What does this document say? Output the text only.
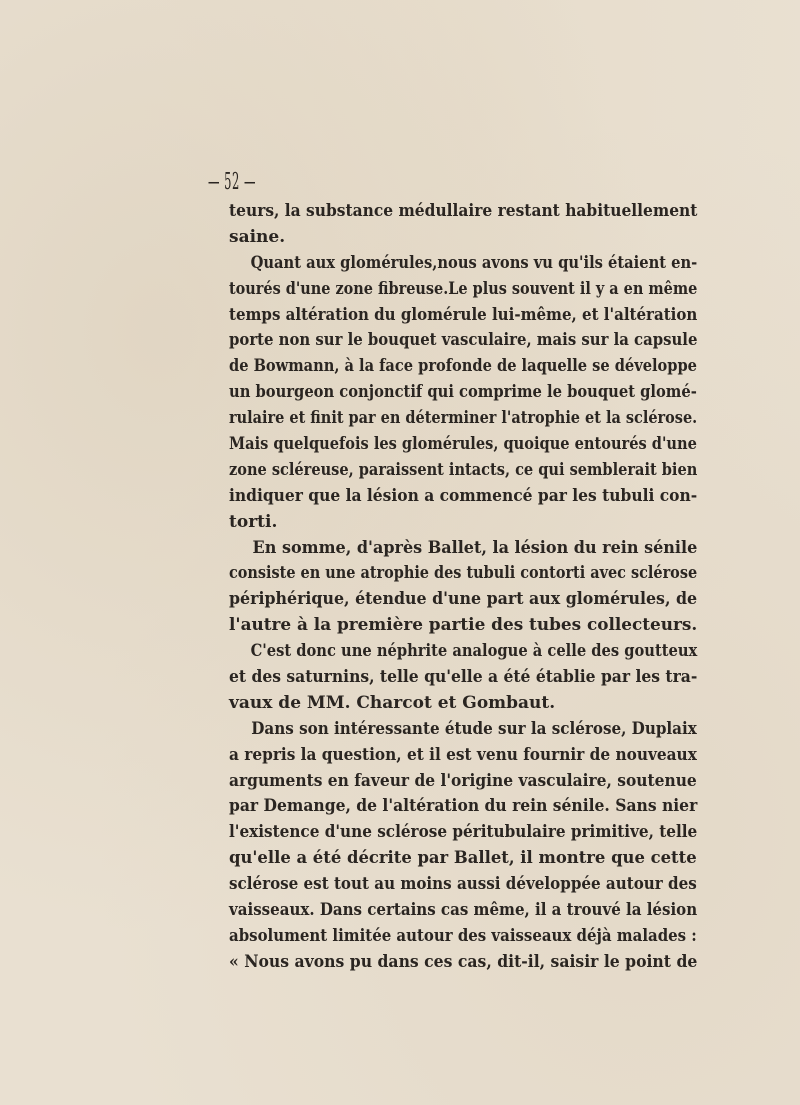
— 52 —
teurs, la substance médullaire restant habituellement
saine.
Quant aux glomérules,nous avons vu qu'ils étaient en-
tourés d'une zone fibreuse.Le plus souvent il y a en même
temps altération du glomérule lui-même, et l'altération
porte non sur le bouquet vasculaire, mais sur la capsule
de Bowmann, à la face profonde de laquelle se développe
un bourgeon conjonctif qui comprime le bouquet glomé-
rulaire et finit par en déterminer l'atrophie et la sclérose.
Mais quelquefois les glomérules, quoique entourés d'une
zone scléreuse, paraissent intacts, ce qui semblerait bien
indiquer que la lésion a commencé par les tubuli con-
torti.
En somme, d'après Ballet, la lésion du rein sénile
consiste en une atrophie des tubuli contorti avec sclérose
périphérique, étendue d'une part aux glomérules, de
l'autre à la première partie des tubes collecteurs.
C'est donc une néphrite analogue à celle des goutteux
et des saturnins, telle qu'elle a été établie par les tra-
vaux de MM. Charcot et Gombaut.
Dans son intéressante étude sur la sclérose, Duplaix
a repris la question, et il est venu fournir de nouveaux
arguments en faveur de l'origine vasculaire, soutenue
par Demange, de l'altération du rein sénile. Sans nier
l'existence d'une sclérose péritubulaire primitive, telle
qu'elle a été décrite par Ballet, il montre que cette
sclérose est tout au moins aussi développée autour des
vaisseaux. Dans certains cas même, il a trouvé la lésion
absolument limitée autour des vaisseaux déjà malades :
« Nous avons pu dans ces cas, dit-il, saisir le point de
